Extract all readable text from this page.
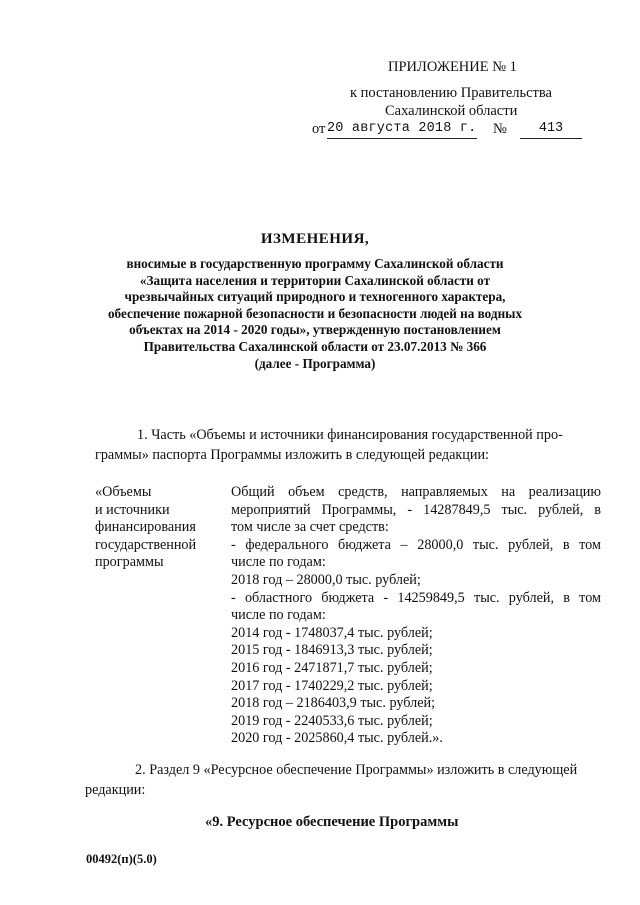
ПРИЛОЖЕНИЕ № 1
к постановлению Правительства
Сахалинской области
от 20 августа 2018 г. №	413
ИЗМЕНЕНИЯ,
вносимые в государственную программу Сахалинской области
«Защита населения и территории Сахалинской области от
чрезвычайных ситуаций природного и техногенного характера,
обеспечение пожарной безопасности и безопасности людей на водных
объектах на 2014 - 2020 годы», утвержденную постановлением
Правительства Сахалинской области от 23.07.2013 № 366
(далее - Программа)
1. Часть «Объемы и источники финансирования государственной про-
граммы» паспорта Программы изложить в следующей редакции:
«Объемы
и источники
финансирования
государственной
программы
Общий объем средств, направляемых на реализацию
мероприятий Программы, - 14287849,5 тыс. рублей, в
том числе за счет средств:
- федерального бюджета – 28000,0 тыс. рублей, в том
числе по годам:
2018 год – 28000,0 тыс. рублей;
- областного бюджета - 14259849,5 тыс. рублей, в том
числе по годам:
2014 год - 1748037,4 тыс. рублей;
2015 год - 1846913,3 тыс. рублей;
2016 год - 2471871,7 тыс. рублей;
2017 год - 1740229,2 тыс. рублей;
2018 год – 2186403,9 тыс. рублей;
2019 год - 2240533,6 тыс. рублей;
2020 год - 2025860,4 тыс. рублей.».
2. Раздел 9 «Ресурсное обеспечение Программы» изложить в следующей
редакции:
«9. Ресурсное обеспечение Программы
00492(п)(5.0)
